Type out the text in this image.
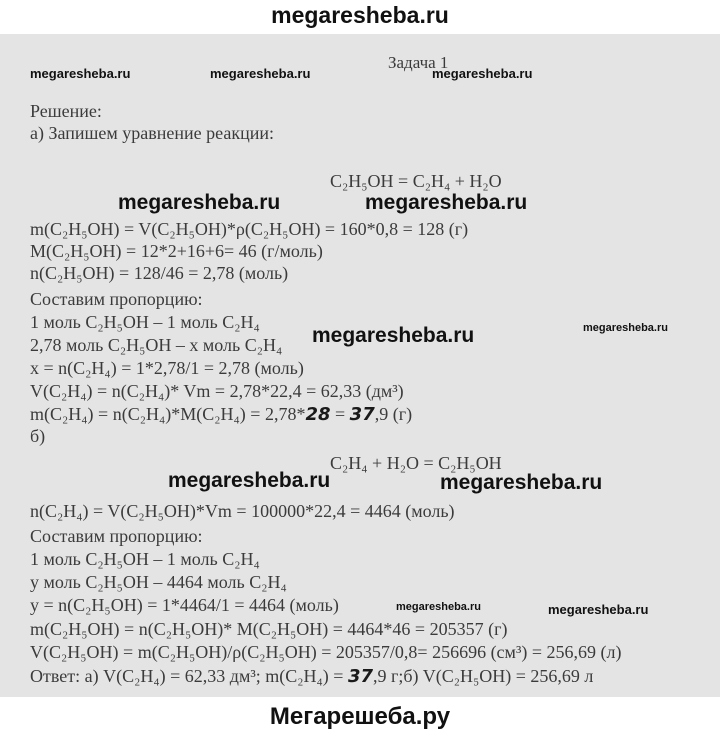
megaresheba.ru
Задача 1
megaresheba.ru	megaresheba.ru	megaresheba.ru
Решение:
а) Запишем уравнение реакции:
C₂H₅OH = C₂H₄ + H₂O
megaresheba.ru	megaresheba.ru
m(C₂H₅OH) = V(C₂H₅OH)*ρ(C₂H₅OH) = 160*0,8 = 128 (г)
M(C₂H₅OH) = 12*2+16+6= 46 (г/моль)
n(C₂H₅OH) = 128/46 = 2,78 (моль)
Составим пропорцию:
1 моль C₂H₅OH – 1 моль C₂H₄
megaresheba.ru	megaresheba.ru
2,78 моль C₂H₅OH – х моль C₂H₄
х = n(C₂H₄) = 1*2,78/1 = 2,78 (моль)
V(C₂H₄) = n(C₂H₄)* Vm = 2,78*22,4 = 62,33 (дм³)
m(C₂H₄) = n(C₂H₄)*M(C₂H₄) = 2,78*28 = 37,9 (г)
б)
C₂H₄ + H₂O = C₂H₅OH
megaresheba.ru	megaresheba.ru
n(C₂H₄) = V(C₂H₅OH)*Vm = 100000*22,4 = 4464 (моль)
Составим пропорцию:
1 моль C₂H₅OH – 1 моль C₂H₄
у моль C₂H₅OH – 4464 моль C₂H₄
у = n(C₂H₅OH) = 1*4464/1 = 4464 (моль)	megaresheba.ru	megaresheba.ru
m(C₂H₅OH) = n(C₂H₅OH)* M(C₂H₅OH) = 4464*46 = 205357 (г)
V(C₂H₅OH) = m(C₂H₅OH)/ρ(C₂H₅OH) = 205357/0,8= 256696 (см³) = 256,69 (л)
Ответ: а) V(C₂H₄) = 62,33 дм³; m(C₂H₄) = 37,9 г;б) V(C₂H₅OH) = 256,69 л
Мегарешеба.ру
